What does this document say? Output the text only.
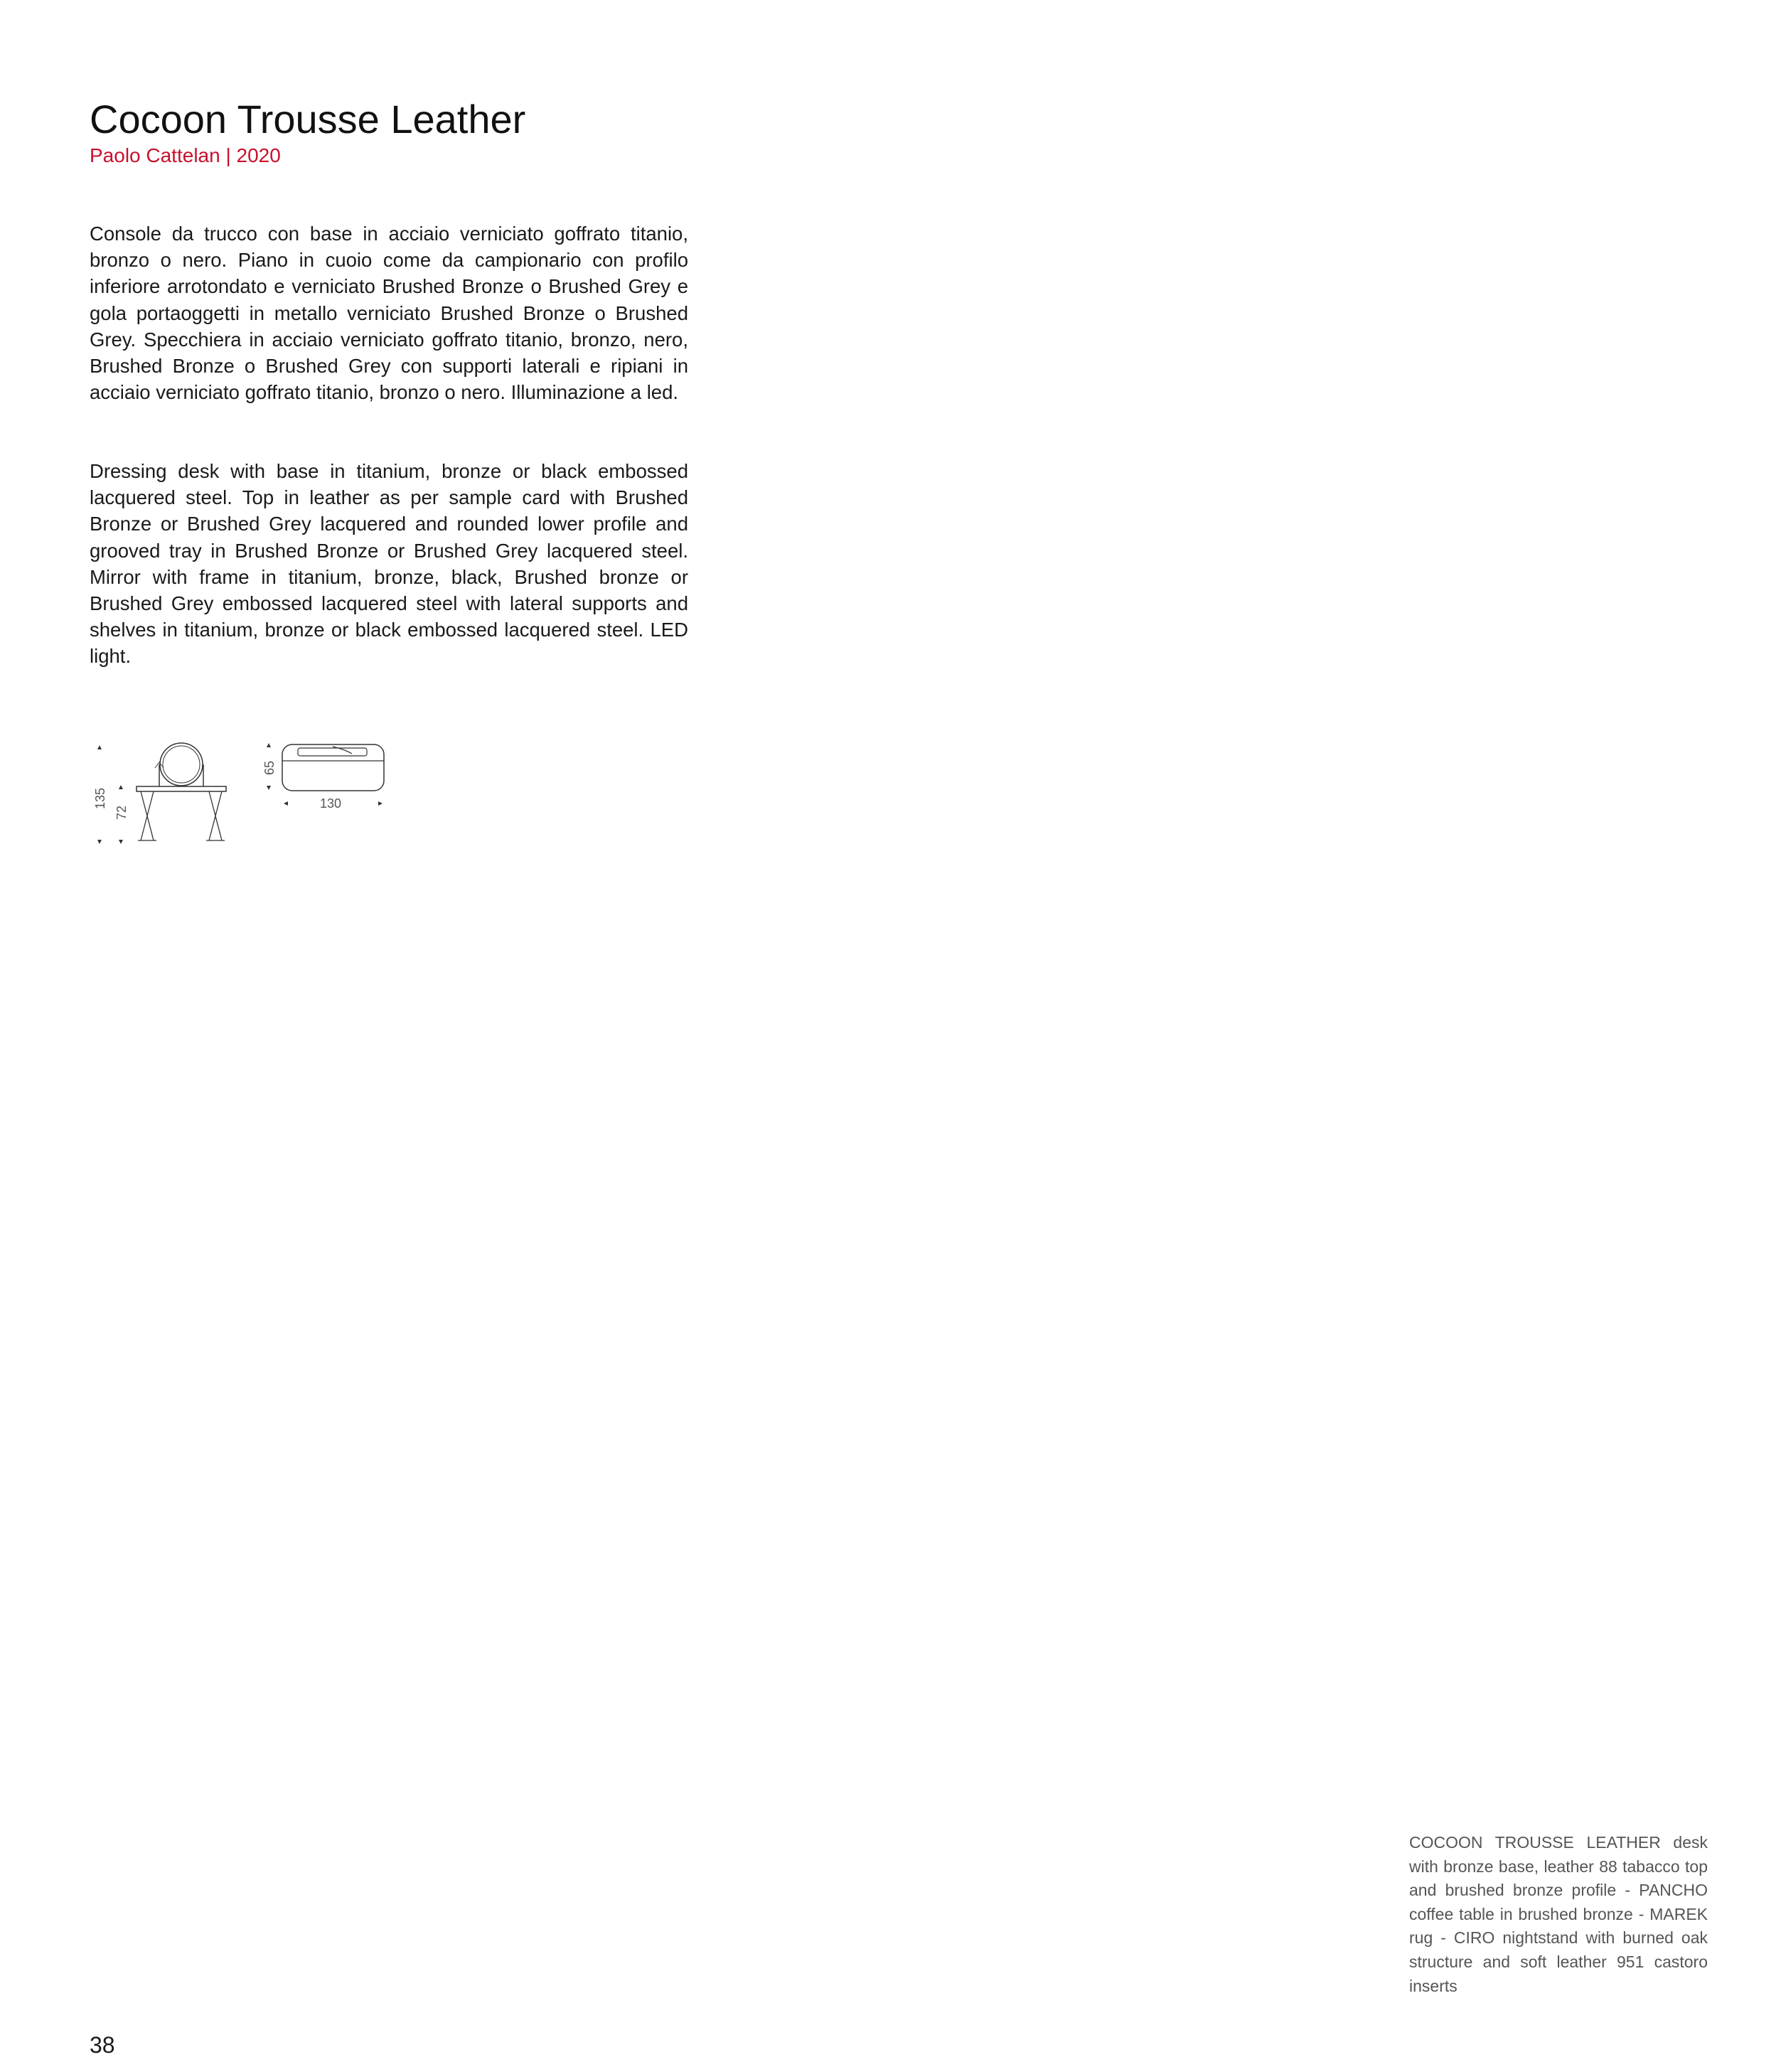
Cocoon Trousse Leather
Paolo Cattelan | 2020

Console da trucco con base in acciaio verniciato goffrato titanio, bronzo o nero. Piano in cuoio come da campionario con profilo inferiore arrotondato e verniciato Brushed Bronze o Brushed Grey e gola portaoggetti in metallo verniciato Brushed Bronze o Brushed Grey. Specchiera in acciaio verniciato goffrato titanio, bronzo, nero, Brushed Bronze o Brushed Grey con supporti laterali e ripiani in acciaio verniciato goffrato titanio, bronzo o nero. Illuminazione a led.

Dressing desk with base in titanium, bronze or black embossed lacquered steel. Top in leather as per sample card with Brushed Bronze or Brushed Grey lacquered and rounded lower profile and grooved tray in Brushed Bronze or Brushed Grey lacquered steel. Mirror with frame in titanium, bronze, black, Brushed bronze or Brushed Grey embossed lacquered steel with lateral supports and shelves in titanium, bronze or black embossed lacquered steel. LED light.

135
72
65
130

COCOON TROUSSE LEATHER desk with bronze base, leather 88 tabacco top and brushed bronze profile - PANCHO coffee table in brushed bronze - MAREK rug - CIRO nightstand with burned oak structure and soft leather 951 castoro inserts

38
